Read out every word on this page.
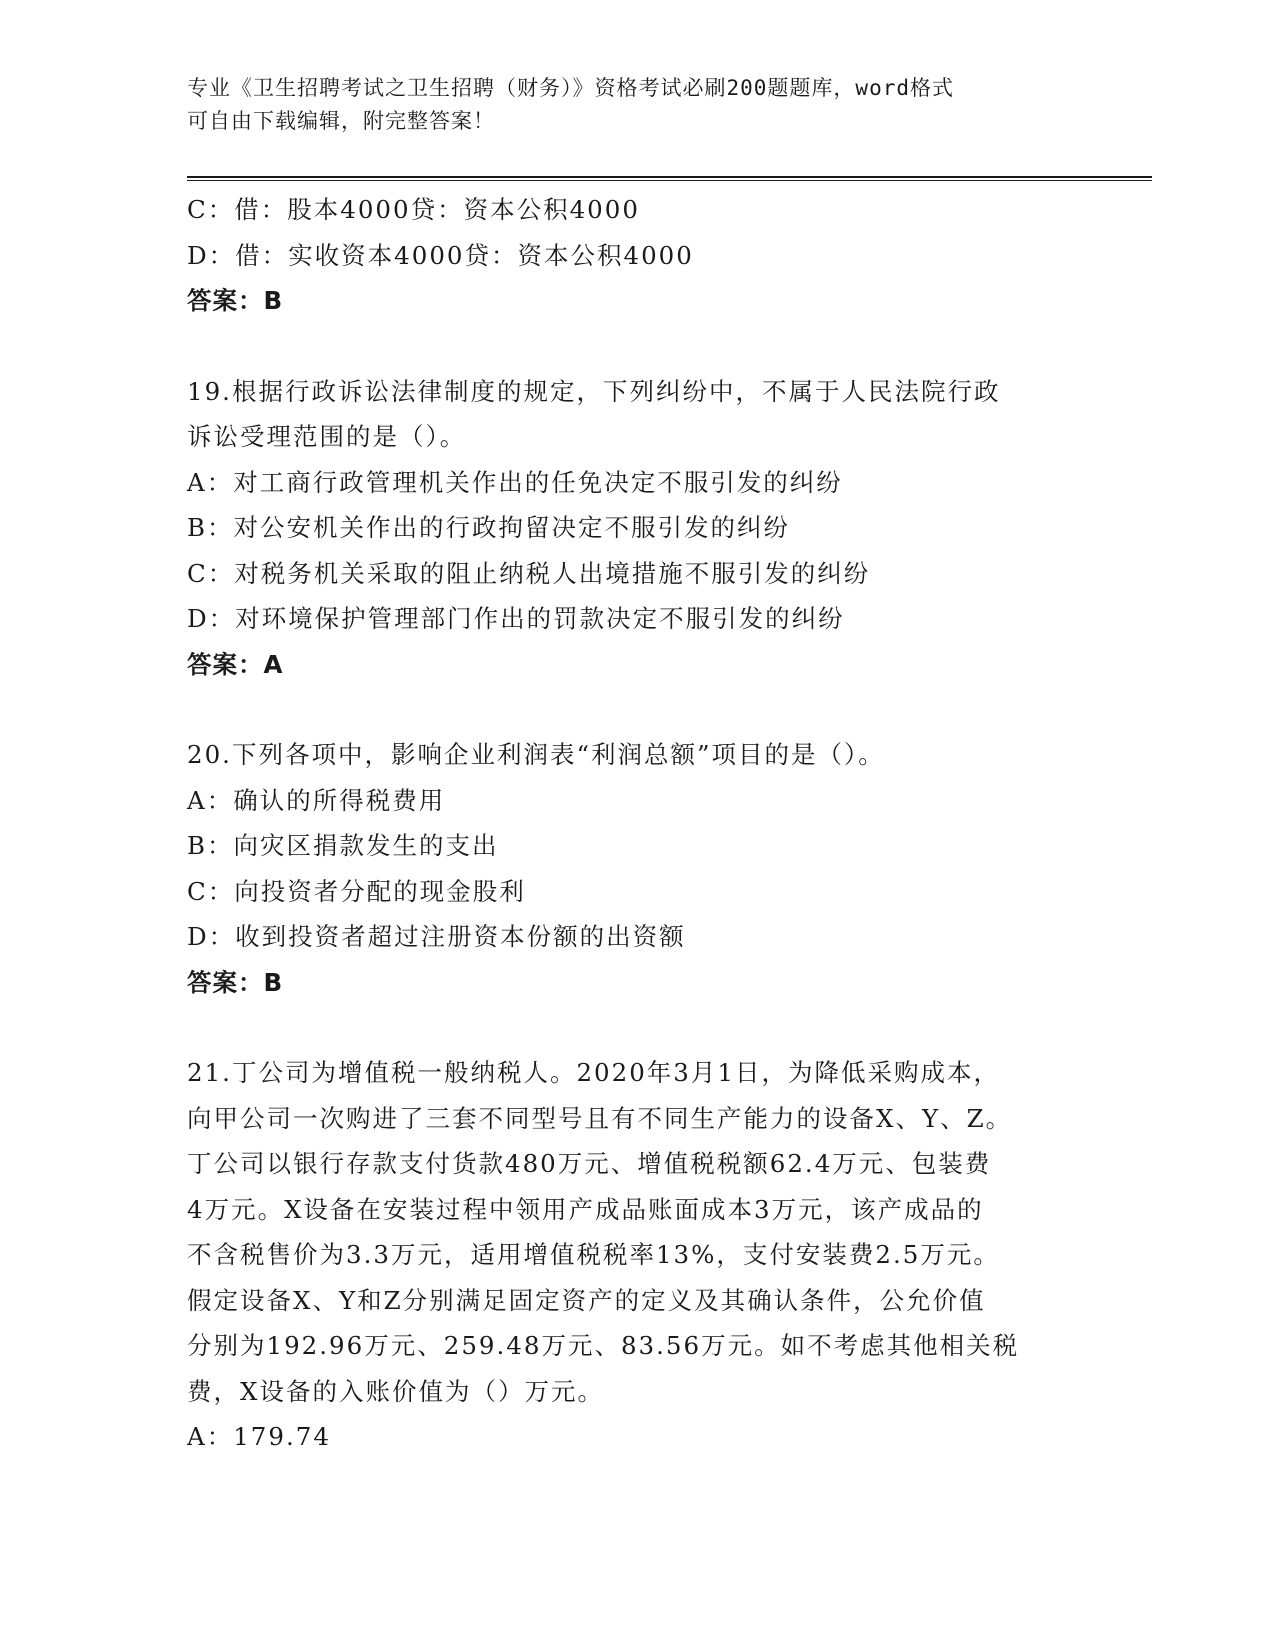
专业《卫生招聘考试之卫生招聘（财务）》资格考试必刷200题题库，word格式
可自由下载编辑，附完整答案！
C：借：股本4000贷：资本公积4000
D：借：实收资本4000贷：资本公积4000
答案：B
19.根据行政诉讼法律制度的规定，下列纠纷中，不属于人民法院行政
诉讼受理范围的是（）。
A：对工商行政管理机关作出的任免决定不服引发的纠纷
B：对公安机关作出的行政拘留决定不服引发的纠纷
C：对税务机关采取的阻止纳税人出境措施不服引发的纠纷
D：对环境保护管理部门作出的罚款决定不服引发的纠纷
答案：A
20.下列各项中，影响企业利润表“利润总额”项目的是（）。
A：确认的所得税费用
B：向灾区捐款发生的支出
C：向投资者分配的现金股利
D：收到投资者超过注册资本份额的出资额
答案：B
21.丁公司为增值税一般纳税人。2020年3月1日，为降低采购成本，
向甲公司一次购进了三套不同型号且有不同生产能力的设备X、Y、Z。
丁公司以银行存款支付货款480万元、增值税税额62.4万元、包装费
4万元。X设备在安装过程中领用产成品账面成本3万元，该产成品的
不含税售价为3.3万元，适用增值税税率13%，支付安装费2.5万元。
假定设备X、Y和Z分别满足固定资产的定义及其确认条件，公允价值
分别为192.96万元、259.48万元、83.56万元。如不考虑其他相关税
费，X设备的入账价值为（）万元。
A：179.74
